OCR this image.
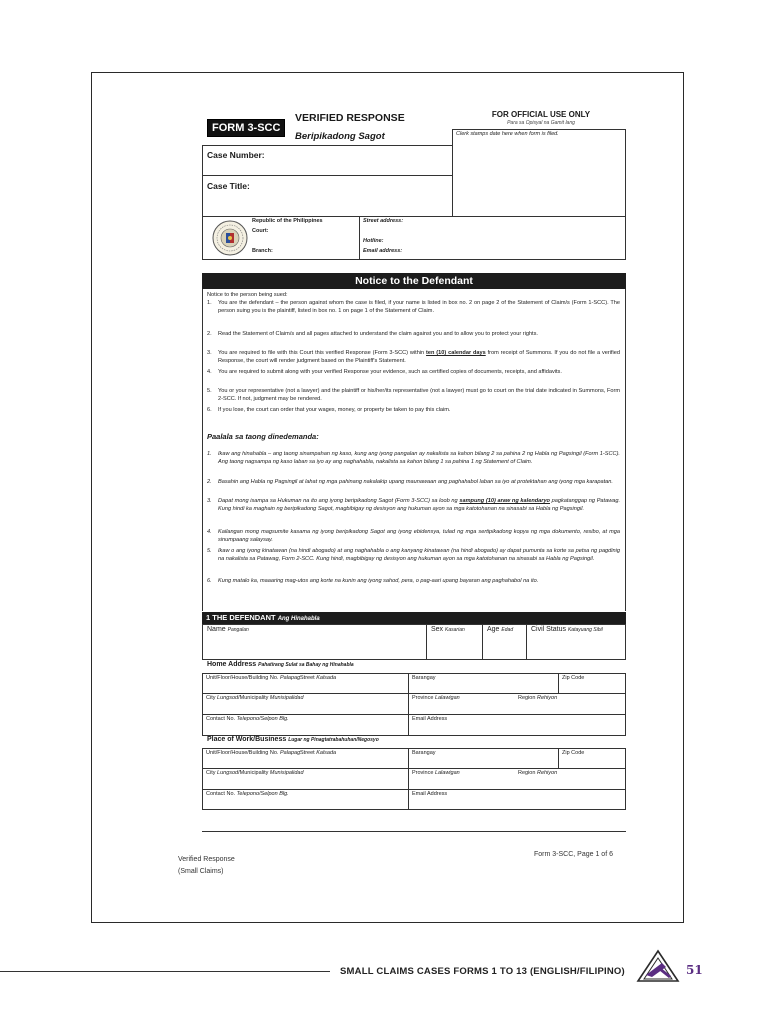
FORM 3-SCC
VERIFIED RESPONSE
Beripikadong Sagot
FOR OFFICIAL USE ONLY
Para sa Opisyal na Gamit lang
Case Number:
Case Title:
Clerk stamps date here when form is filed.
Republic of the Philippines
Court:
Branch:
Street address:
Hotline:
Email address:
Notice to the Defendant
Notice to the person being sued:
1. You are the defendant – the person against whom the case is filed, if your name is listed in box no. 2 on page 2 of the Statement of Claim/s (Form 1-SCC). The person suing you is the plaintiff, listed in box no. 1 on page 1 of the Statement of Claim.
2. Read the Statement of Claim/s and all pages attached to understand the claim against you and to allow you to protect your rights.
3. You are required to file with this Court this verified Response (Form 3-SCC) within ten (10) calendar days from receipt of Summons. If you do not file a verified Response, the court will render judgment based on the Plaintiff's Statement.
4. You are required to submit along with your verified Response your evidence, such as certified copies of documents, receipts, and affidavits.
5. You or your representative (not a lawyer) and the plaintiff or his/her/its representative (not a lawyer) must go to court on the trial date indicated in Summons, Form 2-SCC. If not, judgment may be rendered.
6. If you lose, the court can order that your wages, money, or property be taken to pay this claim.
Paalala sa taong dinedemanda:
1. Ikaw ang hinahabla – ang taong sinampahan ng kaso, kung ang iyong pangalan ay nakalista sa kahon bilang 2 sa pahina 2 ng Habla ng Pagsingil (Form 1-SCC). Ang taong nagsampa ng kaso laban sa iyo ay ang naghahabla, nakalista sa kahon bilang 1 sa pahina 1 ng Statement of Claim.
2. Basahin ang Habla ng Pagsingil at lahat ng mga pahinang nakalakip upang maunawaan ang paghahabol laban sa iyo at protektahan ang iyong mga karapatan.
3. Dapat mong isampa sa Hukuman na ito ang iyong beripikadong Sagot (Form 3-SCC) sa loob ng sampung (10) araw ng kalendaryo pagkatanggap ng Patawag. Kung hindi ka maghain ng beripikadong Sagot, magbibigay ng desisyon ang hukuman ayon sa mga katotohanan na sinasabi sa Habla ng Pagsingil.
4. Kailangan mong magsumite kasama ng iyong beripikadong Sagot ang iyong ebidensya, tulad ng mga sertipikadong kopya ng mga dokumento, resibo, at mga sinumpaang salaysay.
5. Ikaw o ang iyong kinatawan (na hindi abogado) at ang naghahabla o ang kanyang kinatawan (na hindi abogado) ay dapat pumunta sa korte sa petsa ng pagdinig na nakalista sa Patawag, Form 2-SCC. Kung hindi, magbibigay ng desisyon ang hukuman ayon sa mga katotohanan na sinasabi sa Habla ng Pagsingil.
6. Kung matalo ka, maaaring mag-utos ang korte na kunin ang iyong sahod, pera, o pag-aari upang bayaran ang paghahabol na ito.
1 THE DEFENDANT Ang Hinahabla
Name Pangalan	Sex Kasarian	Age Edad	Civil Status Katayuang Sibil
Home Address Pahatirang Sulat sa Bahay ng Hinahabla
Unit/Floor/House/Building No. Palapag Street Kalsada	Barangay	Zip Code
City Lungsod/Municipality Munisipalidad	Province Lalawigan	Region Rehiyon
Contact No. Telepono/Selpon Blg.	Email Address
Place of Work/Business Lugar ng Pinagtatrabahuhan/Negosyo
Unit/Floor/House/Building No. Palapag Street Kalsada	Barangay	Zip Code
City Lungsod/Municipality Munisipalidad	Province Lalawigan	Region Rehiyon
Contact No. Telepono/Selpon Blg.	Email Address
Verified Response
(Small Claims)
Form 3-SCC, Page 1 of 6
SMALL CLAIMS CASES FORMS 1 TO 13 (ENGLISH/FILIPINO)	51
